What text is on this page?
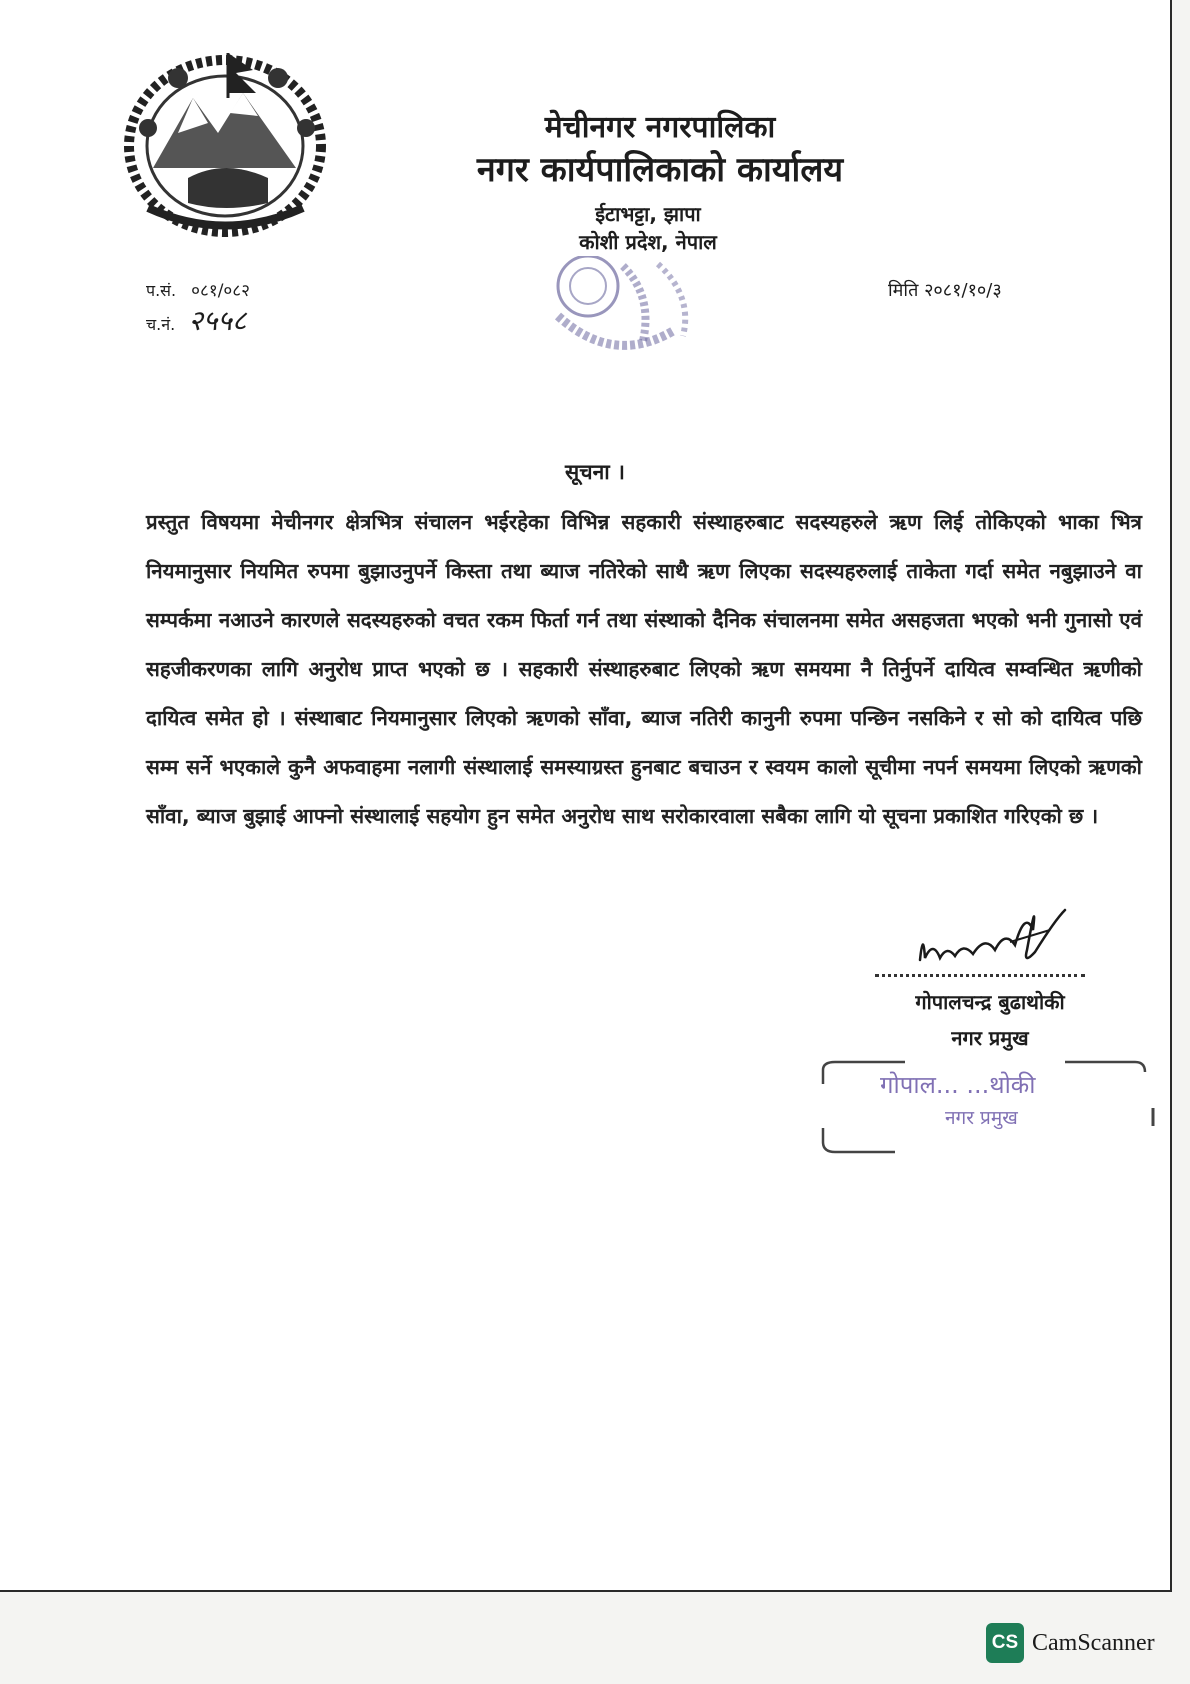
मेचीनगर नगरपालिका
नगर कार्यपालिकाको कार्यालय
ईटाभट्टा, झापा
कोशी प्रदेश, नेपाल
प.सं. ०८१/०८२
च.नं. २५५८
मिति २०८१/१०/३
सूचना ।
प्रस्तुत विषयमा मेचीनगर क्षेत्रभित्र संचालन भईरहेका विभिन्न सहकारी संस्थाहरुबाट सदस्यहरुले ऋण लिई तोकिएको भाका भित्र नियमानुसार नियमित रुपमा बुझाउनुपर्ने किस्ता तथा ब्याज नतिरेको साथै ऋण लिएका सदस्यहरुलाई ताकेता गर्दा समेत नबुझाउने वा सम्पर्कमा नआउने कारणले सदस्यहरुको वचत रकम फिर्ता गर्न तथा संस्थाको दैनिक संचालनमा समेत असहजता भएको भनी गुनासो एवं सहजीकरणका लागि अनुरोध प्राप्त भएको छ । सहकारी संस्थाहरुबाट लिएको ऋण समयमा नै तिर्नुपर्ने दायित्व सम्वन्धित ऋणीको दायित्व समेत हो । संस्थाबाट नियमानुसार लिएको ऋणको साँवा, ब्याज नतिरी कानुनी रुपमा पन्छिन नसकिने र सो को दायित्व पछि सम्म सर्ने भएकाले कुनै अफवाहमा नलागी संस्थालाई समस्याग्रस्त हुनबाट बचाउन र स्वयम कालो सूचीमा नपर्न समयमा लिएको ऋणको साँवा, ब्याज बुझाई आफ्नो संस्थालाई सहयोग हुन समेत अनुरोध साथ सरोकारवाला सबैका लागि यो सूचना प्रकाशित गरिएको छ ।
गोपालचन्द्र बुढाथोकी
नगर प्रमुख
गोपाल... ...थोकी
नगर प्रमुख
CS CamScanner
